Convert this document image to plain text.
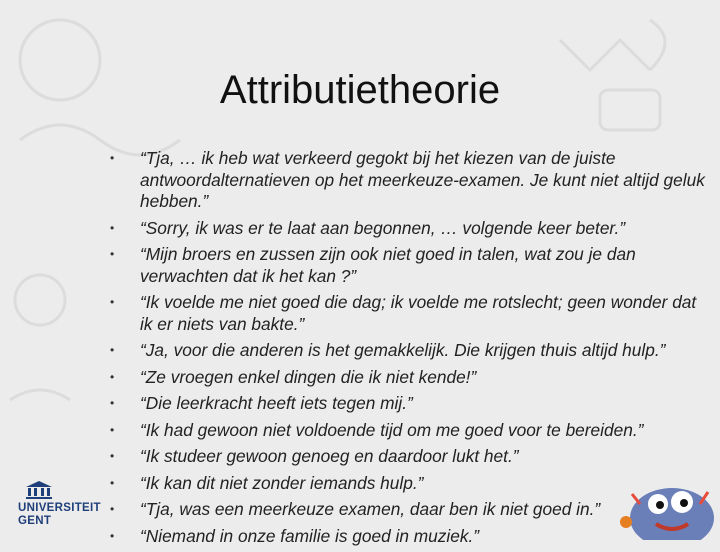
Attributietheorie
• “Tja, … ik heb wat verkeerd gegokt bij het kiezen van de juiste antwoordalternatieven op het meerkeuze-examen. Je kunt niet altijd geluk hebben.”
• “Sorry, ik was er te laat aan begonnen, … volgende keer beter.”
• “Mijn broers en zussen zijn ook niet goed in talen, wat zou je dan verwachten dat ik het kan ?”
• “Ik voelde me niet goed die dag; ik voelde me rotslecht; geen wonder dat ik er niets van bakte.”
• “Ja, voor die anderen is het gemakkelijk. Die krijgen thuis altijd hulp.”
• “Ze vroegen enkel dingen die ik niet kende!”
• “Die leerkracht heeft iets tegen mij.”
• “Ik had gewoon niet voldoende tijd om me goed voor te bereiden.”
• “Ik studeer gewoon genoeg en daardoor lukt het.”
• “Ik kan dit niet zonder iemands hulp.”
• “Tja, was een meerkeuze examen, daar ben ik niet goed in.”
• “Niemand in onze familie is goed in muziek.”
UNIVERSITEIT
GENT
